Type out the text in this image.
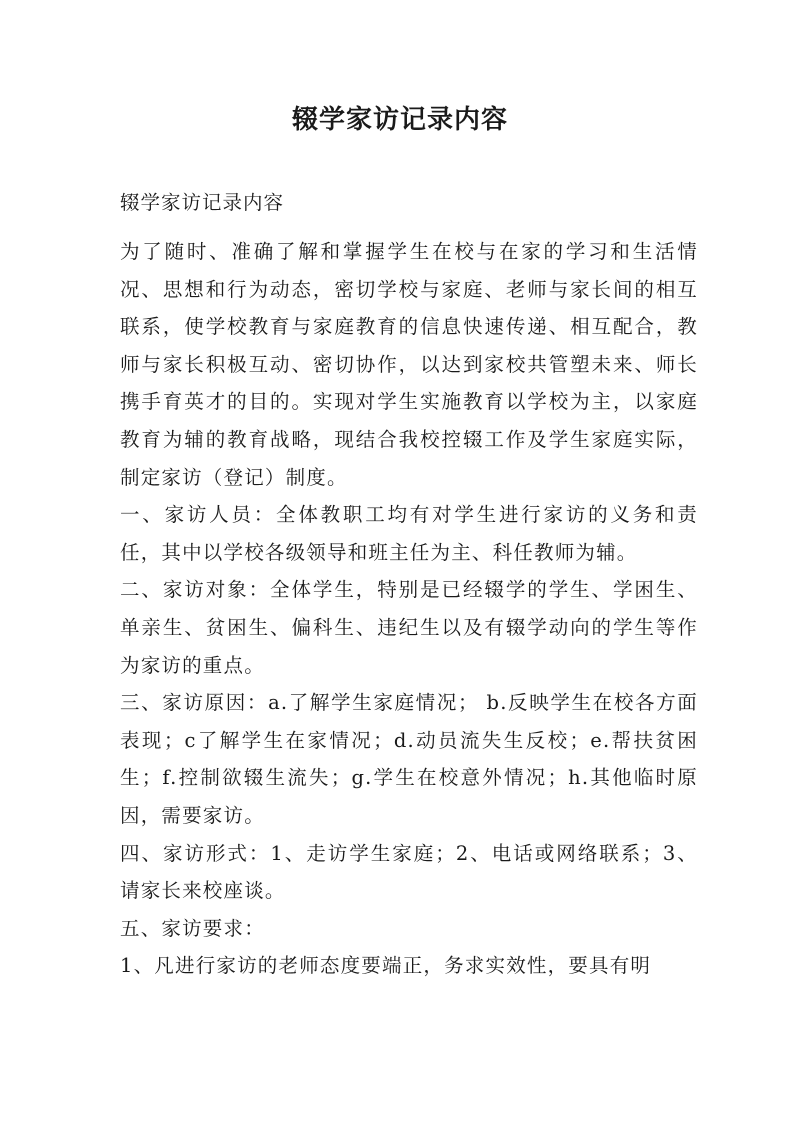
辍学家访记录内容
辍学家访记录内容

为了随时、准确了解和掌握学生在校与在家的学习和生活情况、思想和行为动态，密切学校与家庭、老师与家长间的相互联系，使学校教育与家庭教育的信息快速传递、相互配合，教师与家长积极互动、密切协作，以达到家校共管塑未来、师长携手育英才的目的。实现对学生实施教育以学校为主，以家庭教育为辅的教育战略，现结合我校控辍工作及学生家庭实际，制定家访（登记）制度。

一、家访人员：全体教职工均有对学生进行家访的义务和责任，其中以学校各级领导和班主任为主、科任教师为辅。

二、家访对象：全体学生，特别是已经辍学的学生、学困生、单亲生、贫困生、偏科生、违纪生以及有辍学动向的学生等作为家访的重点。

三、家访原因：a.了解学生家庭情况； b.反映学生在校各方面表现；c了解学生在家情况；d.动员流失生反校；e.帮扶贫困生；f.控制欲辍生流失；g.学生在校意外情况；h.其他临时原因，需要家访。

四、家访形式：1、走访学生家庭；2、电话或网络联系；3、请家长来校座谈。

五、家访要求：

1、凡进行家访的老师态度要端正，务求实效性，要具有明
